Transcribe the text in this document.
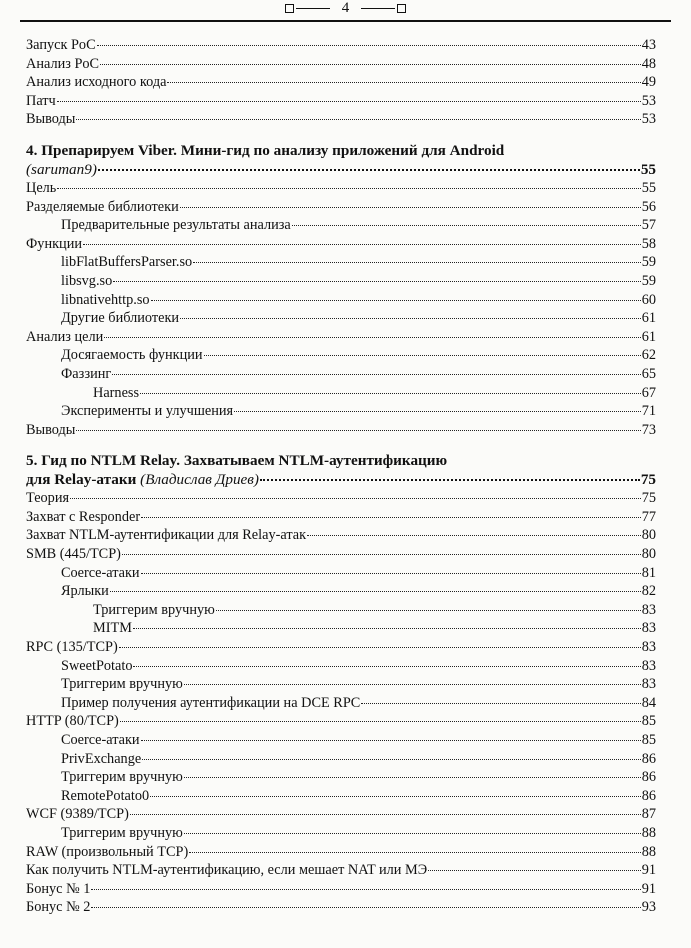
4
Запуск PoC	43
Анализ PoC	48
Анализ исходного кода	49
Патч	53
Выводы	53
4. Препарируем Viber. Мини-гид по анализу приложений для Android
(saruman9)	55
Цель	55
Разделяемые библиотеки	56
Предварительные результаты анализа	57
Функции	58
libFlatBuffersParser.so	59
libsvg.so	59
libnativehttp.so	60
Другие библиотеки	61
Анализ цели	61
Досягаемость функции	62
Фаззинг	65
Harness	67
Эксперименты и улучшения	71
Выводы	73
5. Гид по NTLM Relay. Захватываем NTLM-аутентификацию
для Relay-атаки (Владислав Дриев)	75
Теория	75
Захват с Responder	77
Захват NTLM-аутентификации для Relay-атак	80
SMB (445/TCP)	80
Coerce-атаки	81
Ярлыки	82
Триггерим вручную	83
MITM	83
RPC (135/TCP)	83
SweetPotato	83
Триггерим вручную	83
Пример получения аутентификации на DCE RPC	84
HTTP (80/TCP)	85
Coerce-атаки	85
PrivExchange	86
Триггерим вручную	86
RemotePotato0	86
WCF (9389/TCP)	87
Триггерим вручную	88
RAW (произвольный TCP)	88
Как получить NTLM-аутентификацию, если мешает NAT или МЭ	91
Бонус № 1	91
Бонус № 2	93
